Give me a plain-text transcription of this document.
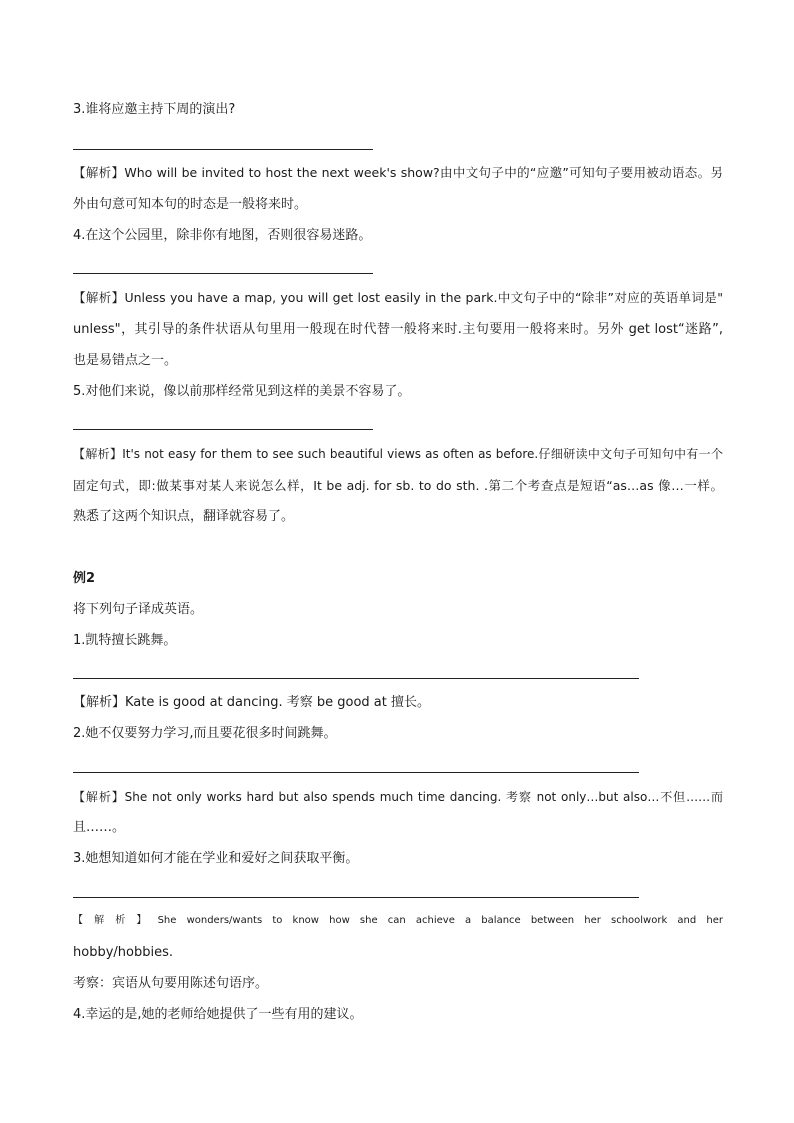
3.谁将应邀主持下周的演出?

【解析】Who will be invited to host the next week's show?由中文句子中的“应邀”可知句子要用被动语态。另

外由句意可知本句的时态是一般将来时。

4.在这个公园里，除非你有地图，否则很容易迷路。

【解析】Unless you have a map, you will get lost easily in the park.中文句子中的“除非”对应的英语单词是"

unless"，其引导的条件状语从句里用一般现在时代替一般将来时.主句要用一般将来时。另外 get lost“迷路”,

也是易错点之一。

5.对他们来说，像以前那样经常见到这样的美景不容易了。

【解析】It's not easy for them to see such beautiful views as often as before.仔细研读中文句子可知句中有一个

固定句式，即:做某事对某人来说怎么样，It be adj. for sb. to do sth. .第二个考查点是短语“as…as 像…一样。

熟悉了这两个知识点，翻译就容易了。

例2

将下列句子译成英语。

1.凯特擅长跳舞。

【解析】Kate is good at dancing. 考察 be good at 擅长。

2.她不仅要努力学习,而且要花很多时间跳舞。

【解析】She not only works hard but also spends much time dancing. 考察 not only…but also…不但……而

且……。

3.她想知道如何才能在学业和爱好之间获取平衡。

【 解 析 】 She wonders/wants to know how she can achieve a balance between her schoolwork and her

hobby/hobbies.

考察：宾语从句要用陈述句语序。

4.幸运的是,她的老师给她提供了一些有用的建议。
